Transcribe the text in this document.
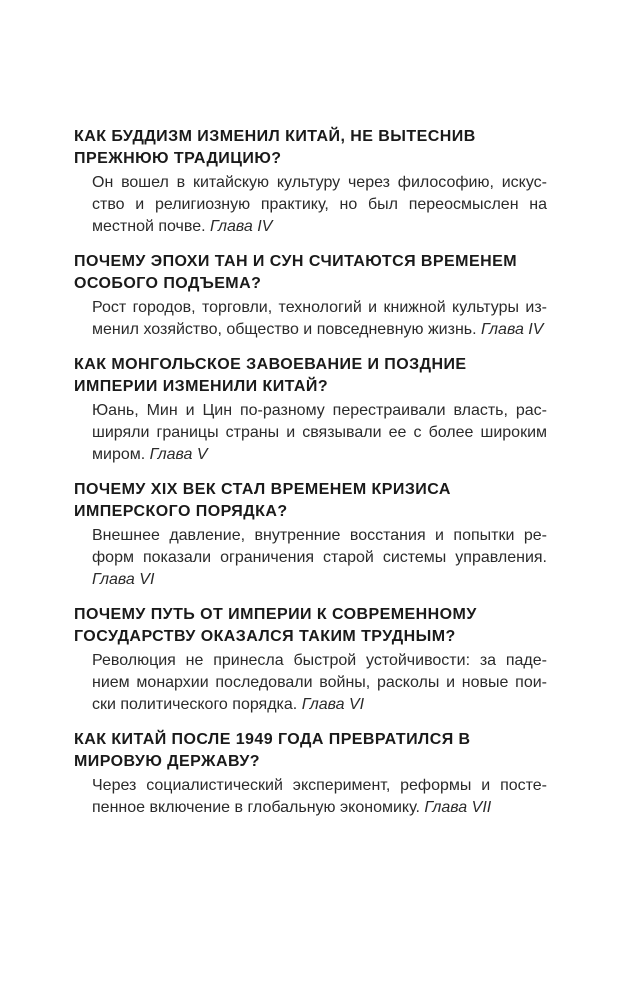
КАК БУДДИЗМ ИЗМЕНИЛ КИТАЙ, НЕ ВЫТЕСНИВ ПРЕЖНЮЮ ТРАДИЦИЮ?

Он вошел в китайскую культуру через философию, искусство и религиозную практику, но был переосмыслен на местной почве. Глава IV

ПОЧЕМУ ЭПОХИ ТАН И СУН СЧИТАЮТСЯ ВРЕМЕНЕМ ОСОБОГО ПОДЪЕМА?

Рост городов, торговли, технологий и книжной культуры изменил хозяйство, общество и повседневную жизнь. Глава IV

КАК МОНГОЛЬСКОЕ ЗАВОЕВАНИЕ И ПОЗДНИЕ ИМПЕРИИ ИЗМЕНИЛИ КИТАЙ?

Юань, Мин и Цин по-разному перестраивали власть, расширяли границы страны и связывали ее с более широким миром. Глава V

ПОЧЕМУ XIX ВЕК СТАЛ ВРЕМЕНЕМ КРИЗИСА ИМПЕРСКОГО ПОРЯДКА?

Внешнее давление, внутренние восстания и попытки реформ показали ограничения старой системы управления. Глава VI

ПОЧЕМУ ПУТЬ ОТ ИМПЕРИИ К СОВРЕМЕННОМУ ГОСУДАРСТВУ ОКАЗАЛСЯ ТАКИМ ТРУДНЫМ?

Революция не принесла быстрой устойчивости: за падением монархии последовали войны, расколы и новые поиски политического порядка. Глава VI

КАК КИТАЙ ПОСЛЕ 1949 ГОДА ПРЕВРАТИЛСЯ В МИРОВУЮ ДЕРЖАВУ?

Через социалистический эксперимент, реформы и постепенное включение в глобальную экономику. Глава VII
